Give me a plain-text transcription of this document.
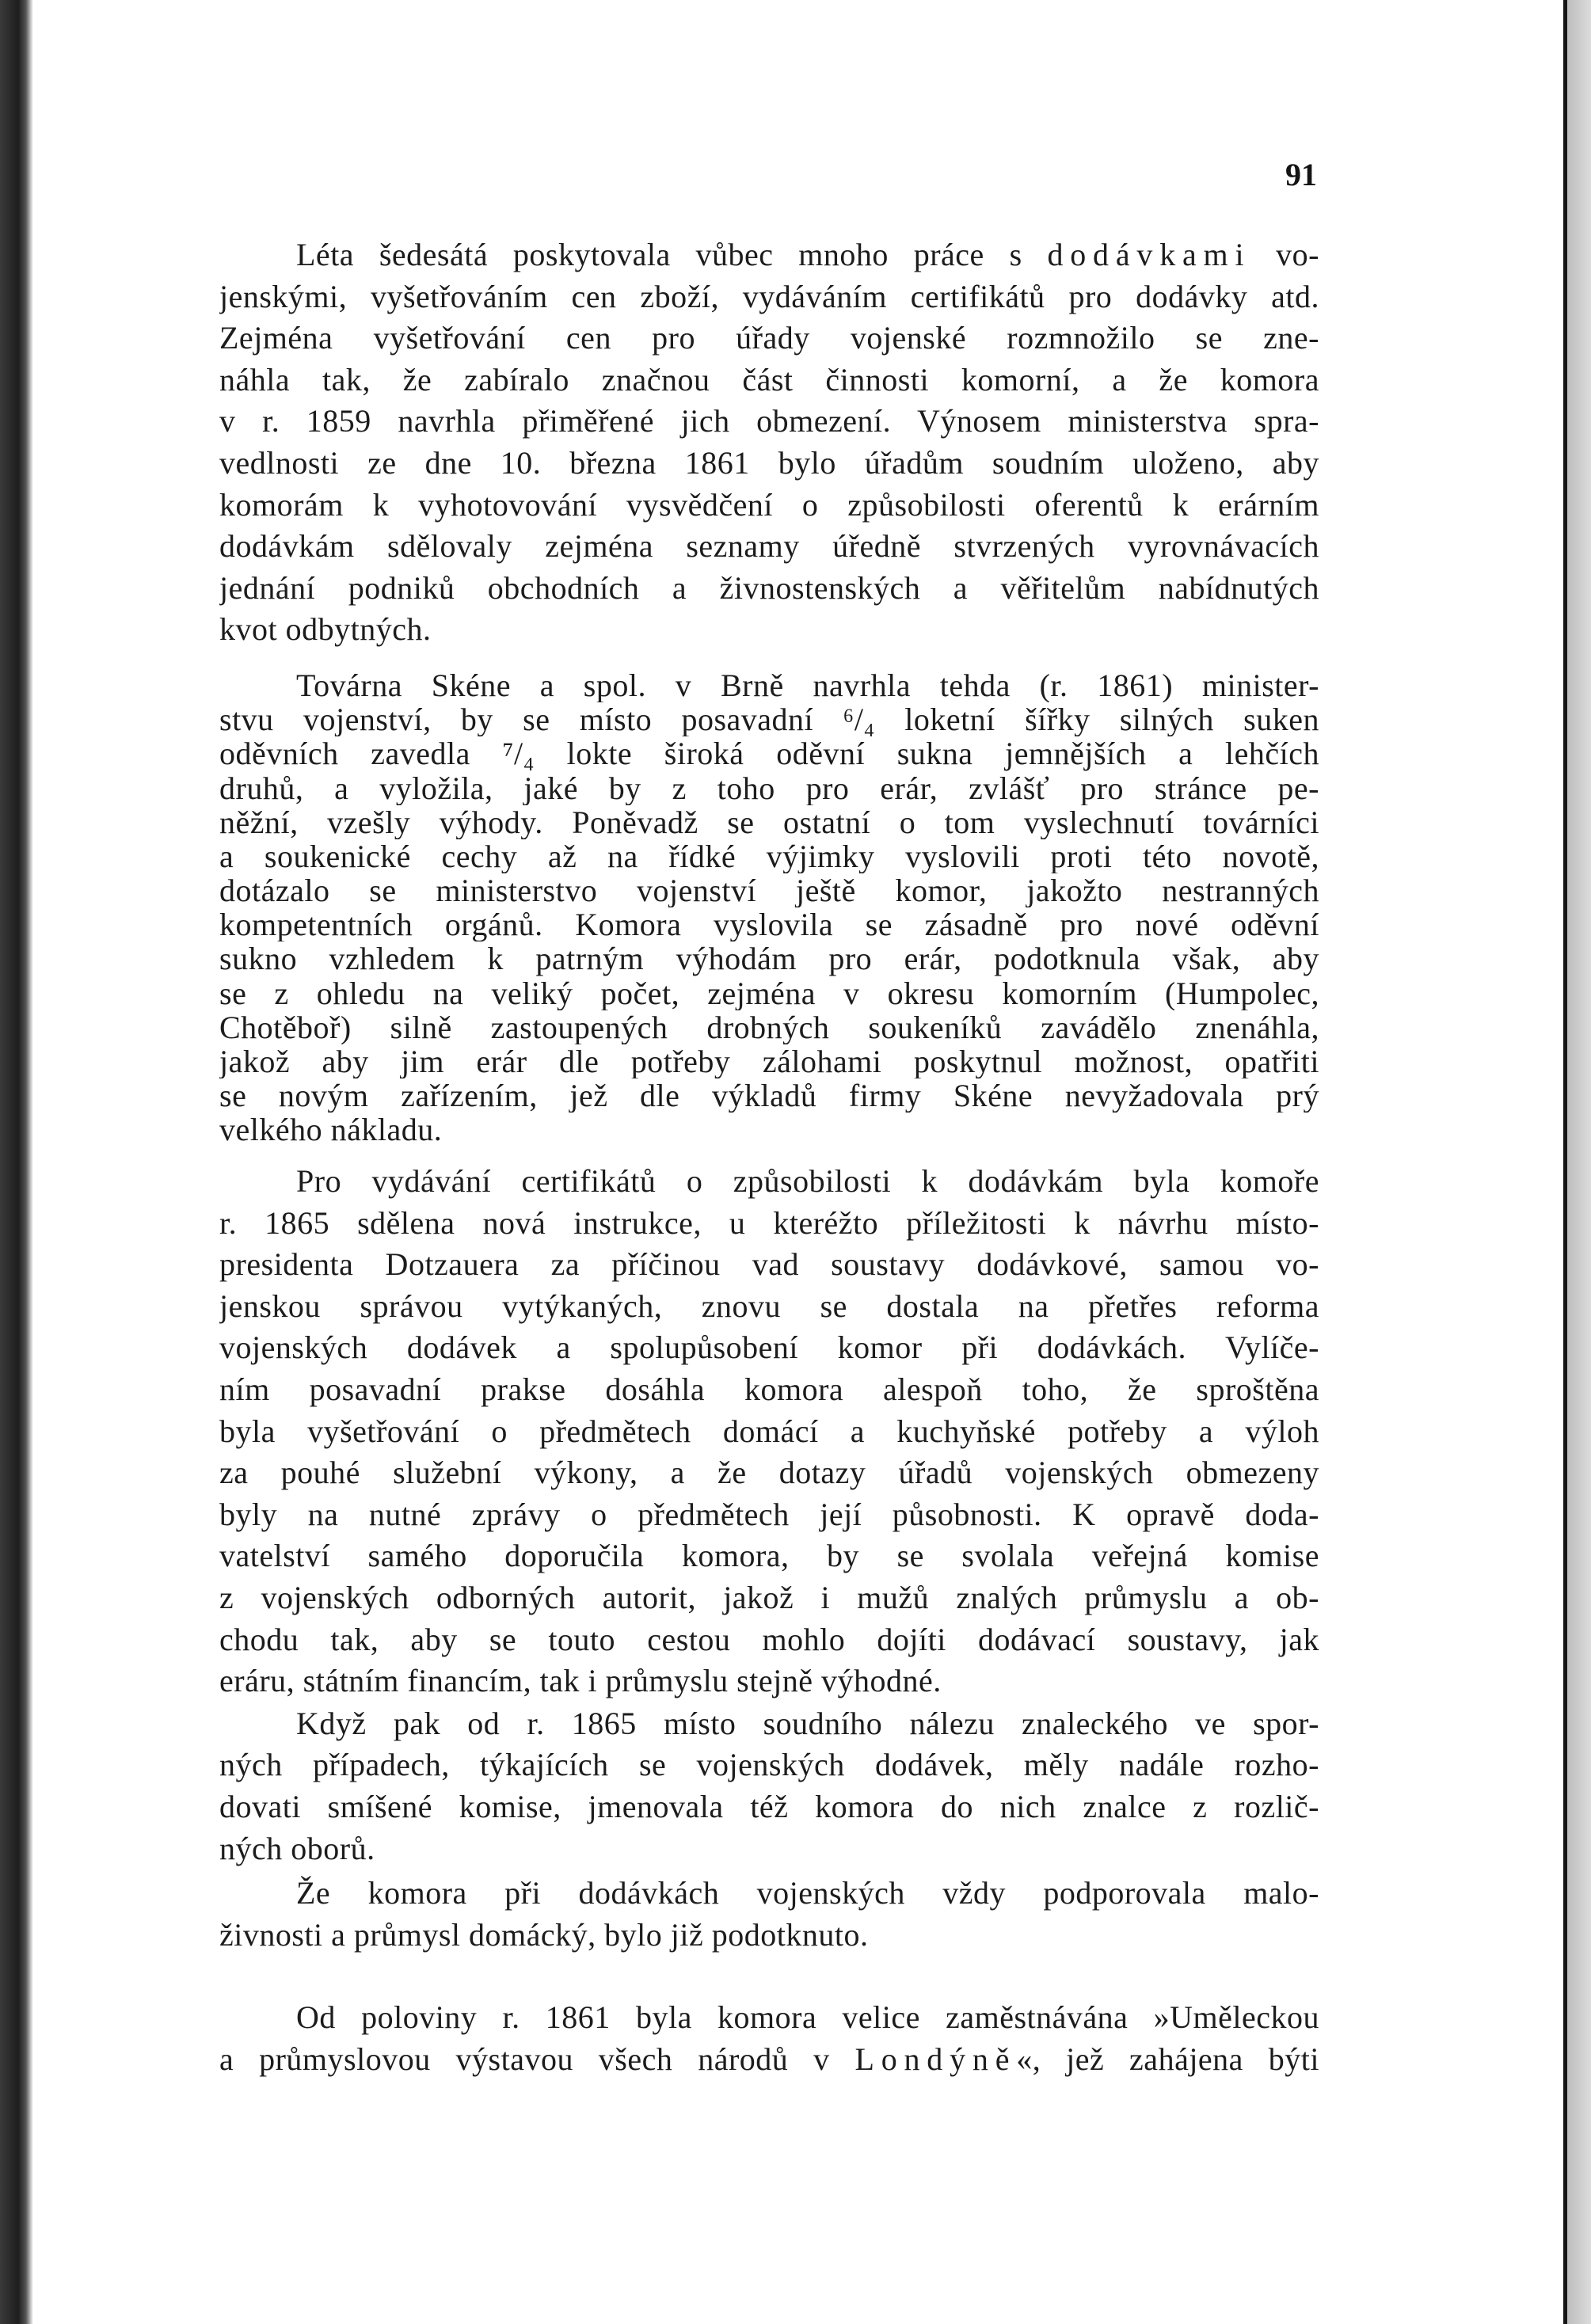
91
Léta šedesátá poskytovala vůbec mnoho práce s dodávkami vo-
jenskými, vyšetřováním cen zboží, vydáváním certifikátů pro dodávky atd.
Zejména vyšetřování cen pro úřady vojenské rozmnožilo se zne-
náhla tak, že zabíralo značnou část činnosti komorní, a že komora
v r. 1859 navrhla přiměřené jich obmezení. Výnosem ministerstva spra-
vedlnosti ze dne 10. března 1861 bylo úřadům soudním uloženo, aby
komorám k vyhotovování vysvědčení o způsobilosti oferentů k erárním
dodávkám sdělovaly zejména seznamy úředně stvrzených vyrovnávacích
jednání podniků obchodních a živnostenských a věřitelům nabídnutých
kvot odbytných.
Továrna Skéne a spol. v Brně navrhla tehda (r. 1861) minister-
stvu vojenství, by se místo posavadní ⁶/₄ loketní šířky silných suken
oděvních zavedla ⁷/₄ lokte široká oděvní sukna jemnějších a lehčích
druhů, a vyložila, jaké by z toho pro erár, zvlášť pro stránce pe-
něžní, vzešly výhody. Poněvadž se ostatní o tom vyslechnutí továrníci
a soukenické cechy až na řídké výjimky vyslovili proti této novotě,
dotázalo se ministerstvo vojenství ještě komor, jakožto nestranných
kompetentních orgánů. Komora vyslovila se zásadně pro nové oděvní
sukno vzhledem k patrným výhodám pro erár, podotknula však, aby
se z ohledu na veliký počet, zejména v okresu komorním (Humpolec,
Chotěboř) silně zastoupených drobných soukeníků zavádělo znenáhla,
jakož aby jim erár dle potřeby zálohami poskytnul možnost, opatřiti
se novým zařízením, jež dle výkladů firmy Skéne nevyžadovala prý
velkého nákladu.
Pro vydávání certifikátů o způsobilosti k dodávkám byla komoře
r. 1865 sdělena nová instrukce, u kteréžto příležitosti k návrhu místo-
presidenta Dotzauera za příčinou vad soustavy dodávkové, samou vo-
jenskou správou vytýkaných, znovu se dostala na přetřes reforma
vojenských dodávek a spolupůsobení komor při dodávkách. Vylíče-
ním posavadní prakse dosáhla komora alespoň toho, že sproštěna
byla vyšetřování o předmětech domácí a kuchyňské potřeby a výloh
za pouhé služební výkony, a že dotazy úřadů vojenských obmezeny
byly na nutné zprávy o předmětech její působnosti. K opravě doda-
vatelství samého doporučila komora, by se svolala veřejná komise
z vojenských odborných autorit, jakož i mužů znalých průmyslu a ob-
chodu tak, aby se touto cestou mohlo dojíti dodávací soustavy, jak
eráru, státním financím, tak i průmyslu stejně výhodné.
Když pak od r. 1865 místo soudního nálezu znaleckého ve spor-
ných případech, týkajících se vojenských dodávek, měly nadále rozho-
dovati smíšené komise, jmenovala též komora do nich znalce z rozlič-
ných oborů.
Že komora při dodávkách vojenských vždy podporovala malo-
živnosti a průmysl domácký, bylo již podotknuto.
Od poloviny r. 1861 byla komora velice zaměstnávána »Uměleckou
a průmyslovou výstavou všech národů v Londýně«, jež zahájena býti
